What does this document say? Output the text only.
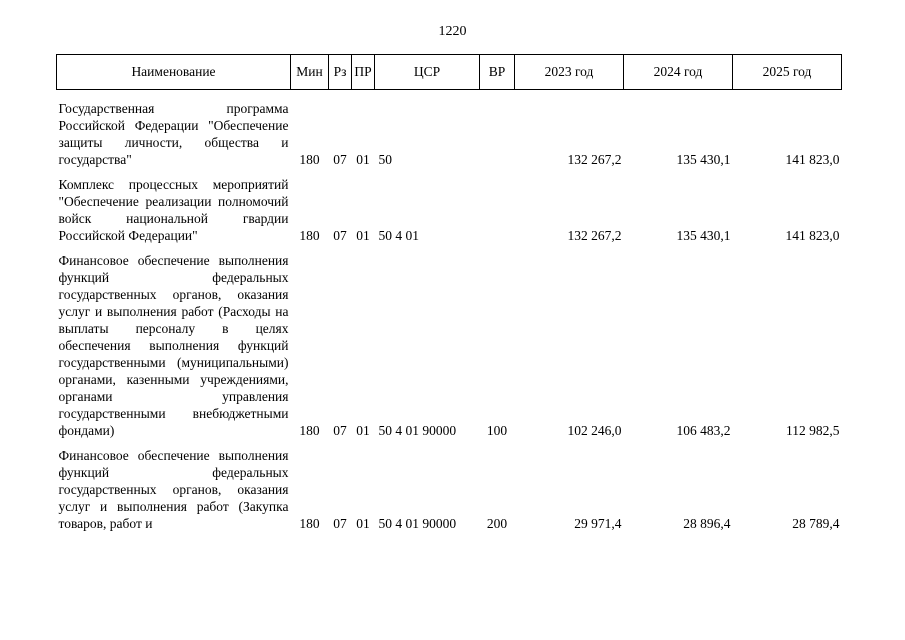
1220
Наименование	Мин	Рз	ПР	ЦСР	ВР	2023 год	2024 год	2025 год
Государственная программа Российской Федерации "Обеспечение защиты личности, общества и государства"	180	07	01	50		132 267,2	135 430,1	141 823,0
Комплекс процессных мероприятий "Обеспечение реализации полномочий войск национальной гвардии Российской Федерации"	180	07	01	50 4 01		132 267,2	135 430,1	141 823,0
Финансовое обеспечение выполнения функций федеральных государственных органов, оказания услуг и выполнения работ (Расходы на выплаты персоналу в целях обеспечения выполнения функций государственными (муниципальными) органами, казенными учреждениями, органами управления государственными внебюджетными фондами)	180	07	01	50 4 01 90000	100	102 246,0	106 483,2	112 982,5
Финансовое обеспечение выполнения функций федеральных государственных органов, оказания услуг и выполнения работ (Закупка товаров, работ и	180	07	01	50 4 01 90000	200	29 971,4	28 896,4	28 789,4
